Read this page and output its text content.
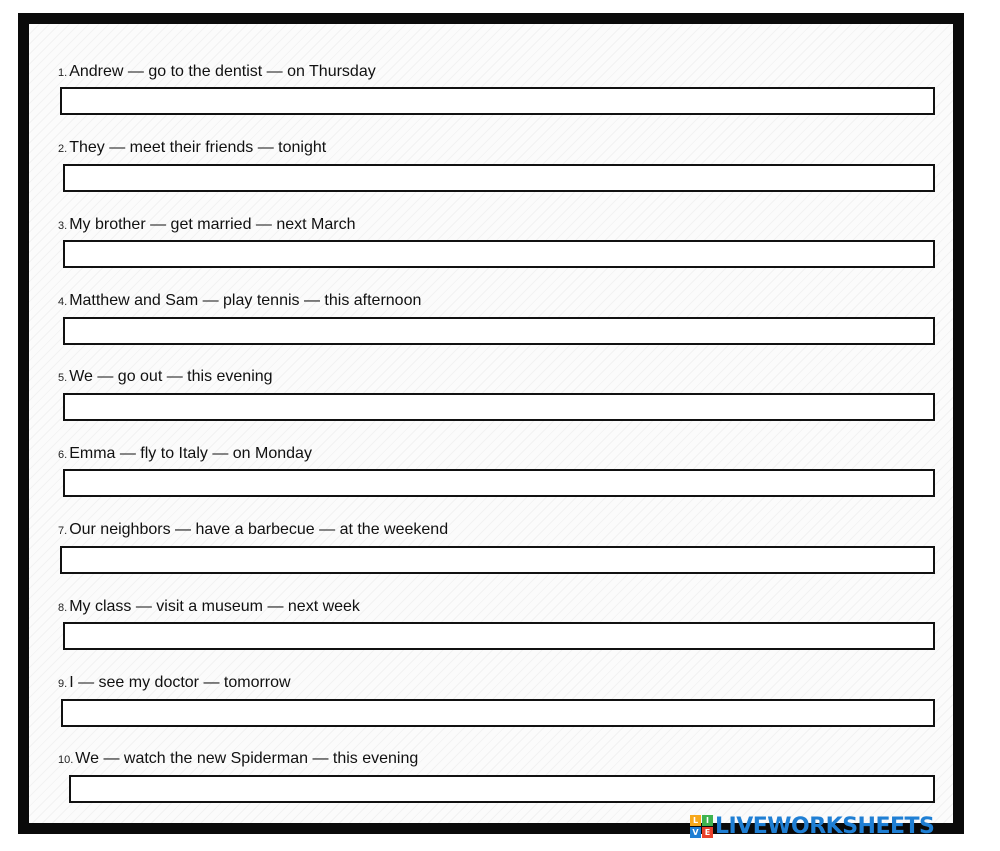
1. Andrew — go to the dentist — on Thursday

2. They — meet their friends — tonight

3. My brother — get married — next March

4. Matthew and Sam — play tennis — this afternoon

5. We — go out — this evening

6. Emma — fly to Italy — on Monday

7. Our neighbors — have a barbecue — at the weekend

8. My class — visit a museum — next week

9. I — see my doctor — tomorrow

10. We — watch the new Spiderman — this evening

L I
V E LIVEWORKSHEETS
